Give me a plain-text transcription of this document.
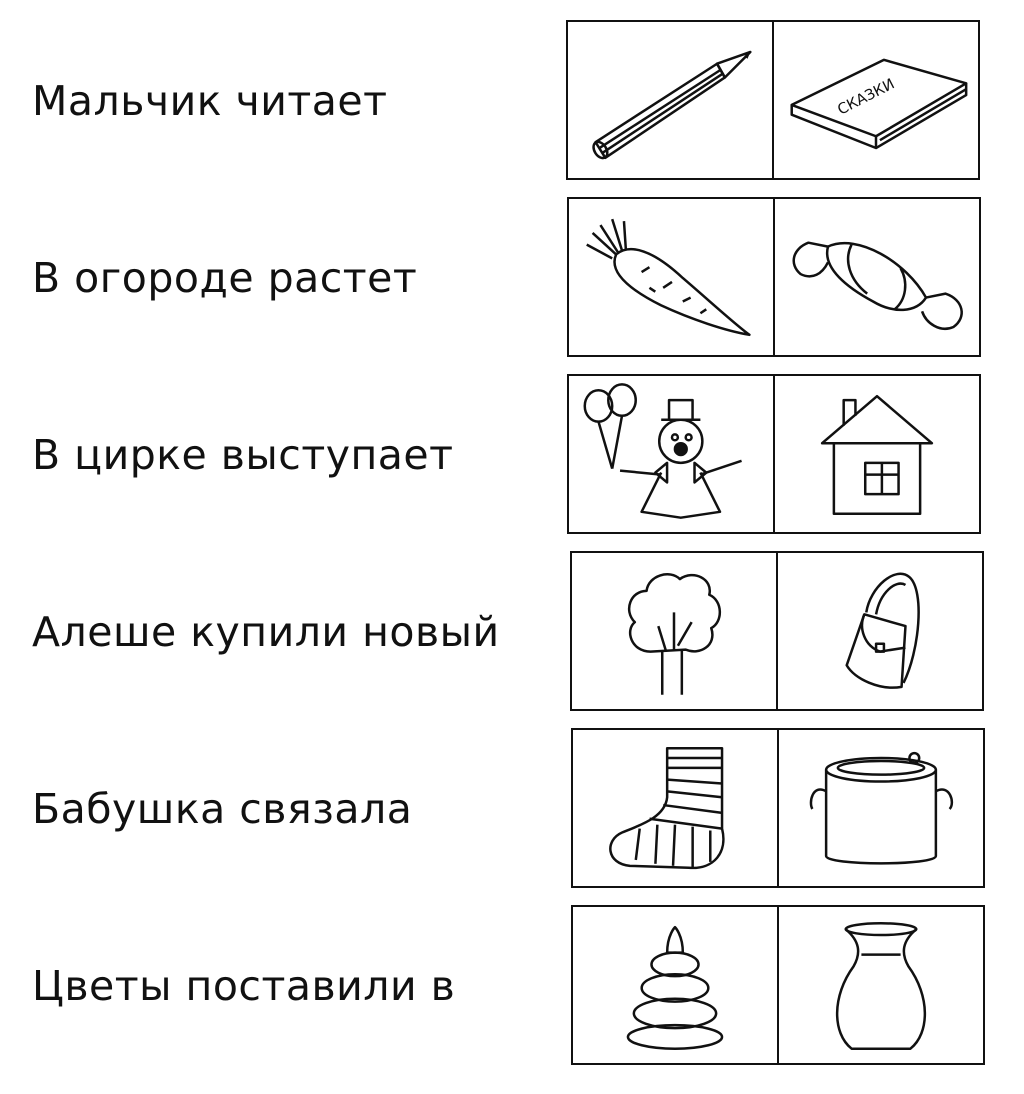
Мальчик читает	СКАЗКИ
В огороде растет
В цирке выступает
Алеше купили новый
Бабушка связала
Цветы поставили в
